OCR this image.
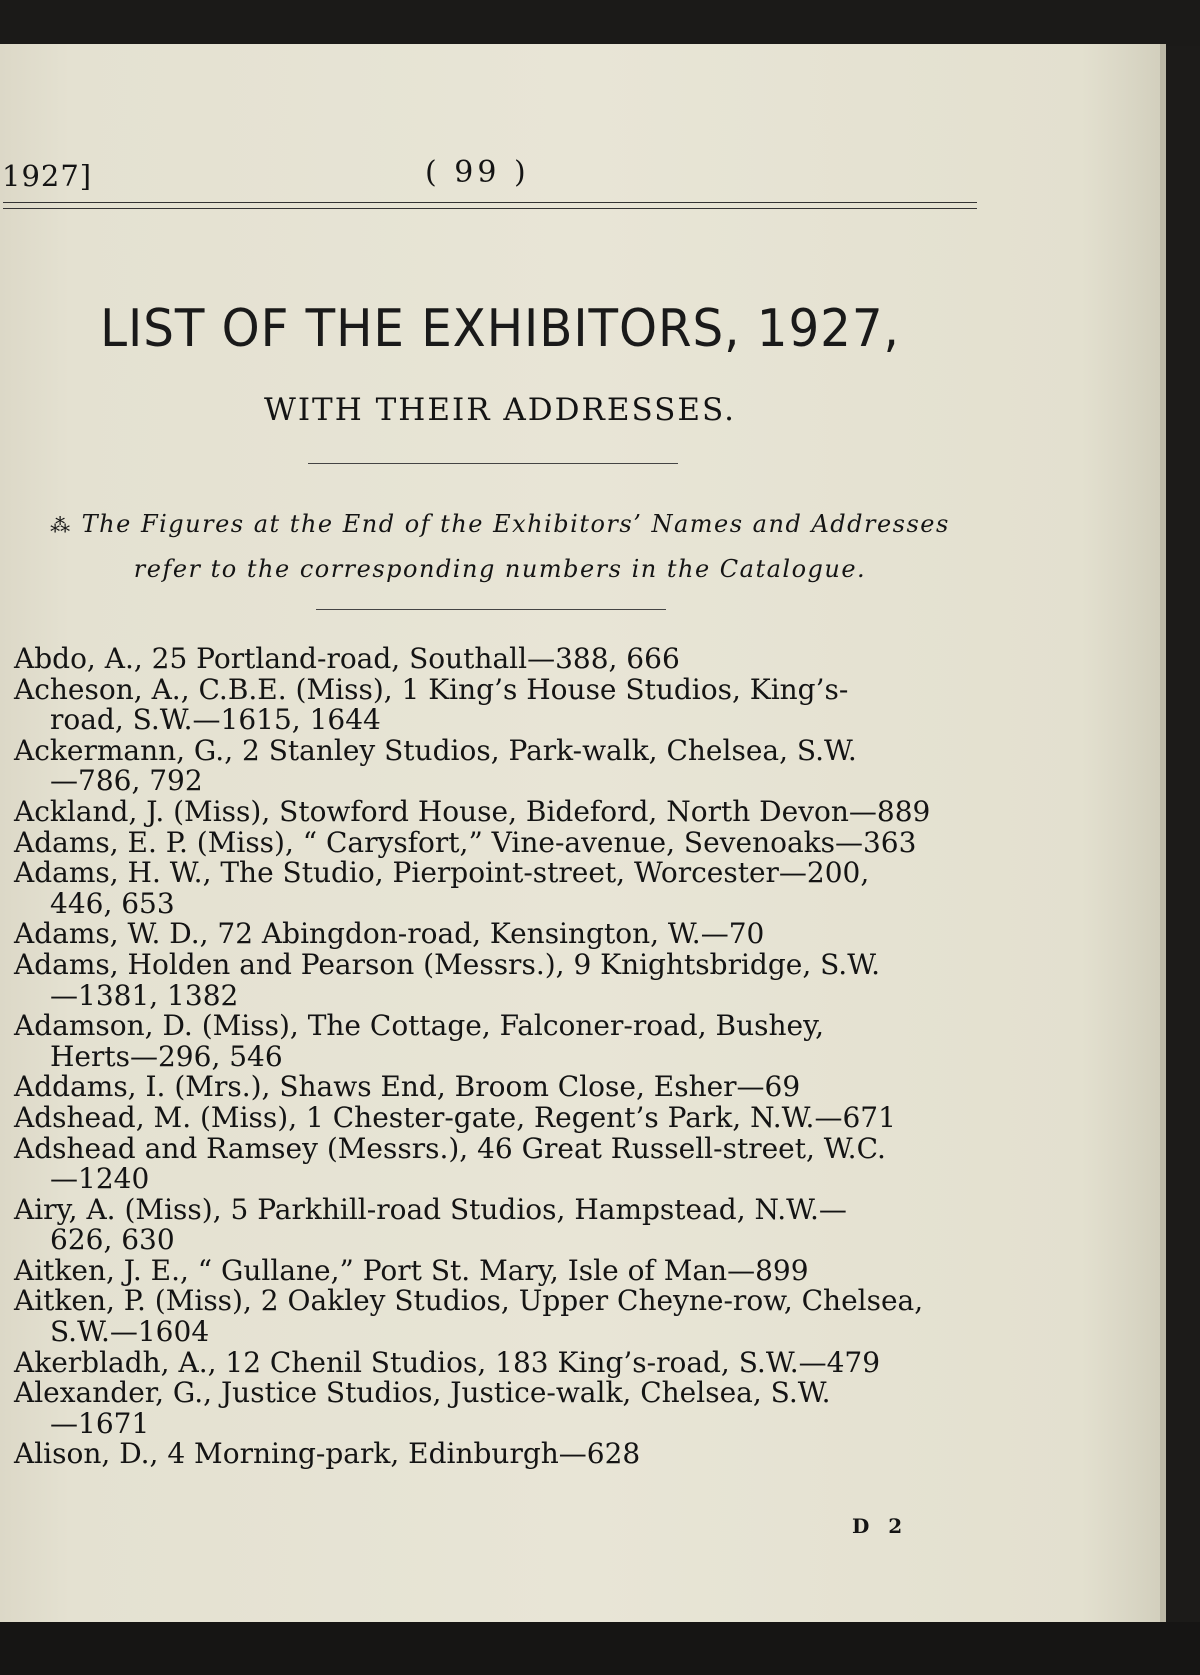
1927]	( 99 )
LIST OF THE EXHIBITORS, 1927,
WITH THEIR ADDRESSES.
⁂ The Figures at the End of the Exhibitors’ Names and Addresses
refer to the corresponding numbers in the Catalogue.
Abdo, A., 25 Portland-road, Southall—388, 666
Acheson, A., C.B.E. (Miss), 1 King’s House Studios, King’s-
road, S.W.—1615, 1644
Ackermann, G., 2 Stanley Studios, Park-walk, Chelsea, S.W.
—786, 792
Ackland, J. (Miss), Stowford House, Bideford, North Devon—889
Adams, E. P. (Miss), “ Carysfort,” Vine-avenue, Sevenoaks—363
Adams, H. W., The Studio, Pierpoint-street, Worcester—200,
446, 653
Adams, W. D., 72 Abingdon-road, Kensington, W.—70
Adams, Holden and Pearson (Messrs.), 9 Knightsbridge, S.W.
—1381, 1382
Adamson, D. (Miss), The Cottage, Falconer-road, Bushey,
Herts—296, 546
Addams, I. (Mrs.), Shaws End, Broom Close, Esher—69
Adshead, M. (Miss), 1 Chester-gate, Regent’s Park, N.W.—671
Adshead and Ramsey (Messrs.), 46 Great Russell-street, W.C.
—1240
Airy, A. (Miss), 5 Parkhill-road Studios, Hampstead, N.W.—
626, 630
Aitken, J. E., “ Gullane,” Port St. Mary, Isle of Man—899
Aitken, P. (Miss), 2 Oakley Studios, Upper Cheyne-row, Chelsea,
S.W.—1604
Akerbladh, A., 12 Chenil Studios, 183 King’s-road, S.W.—479
Alexander, G., Justice Studios, Justice-walk, Chelsea, S.W.
—1671
Alison, D., 4 Morning-park, Edinburgh—628
D 2
